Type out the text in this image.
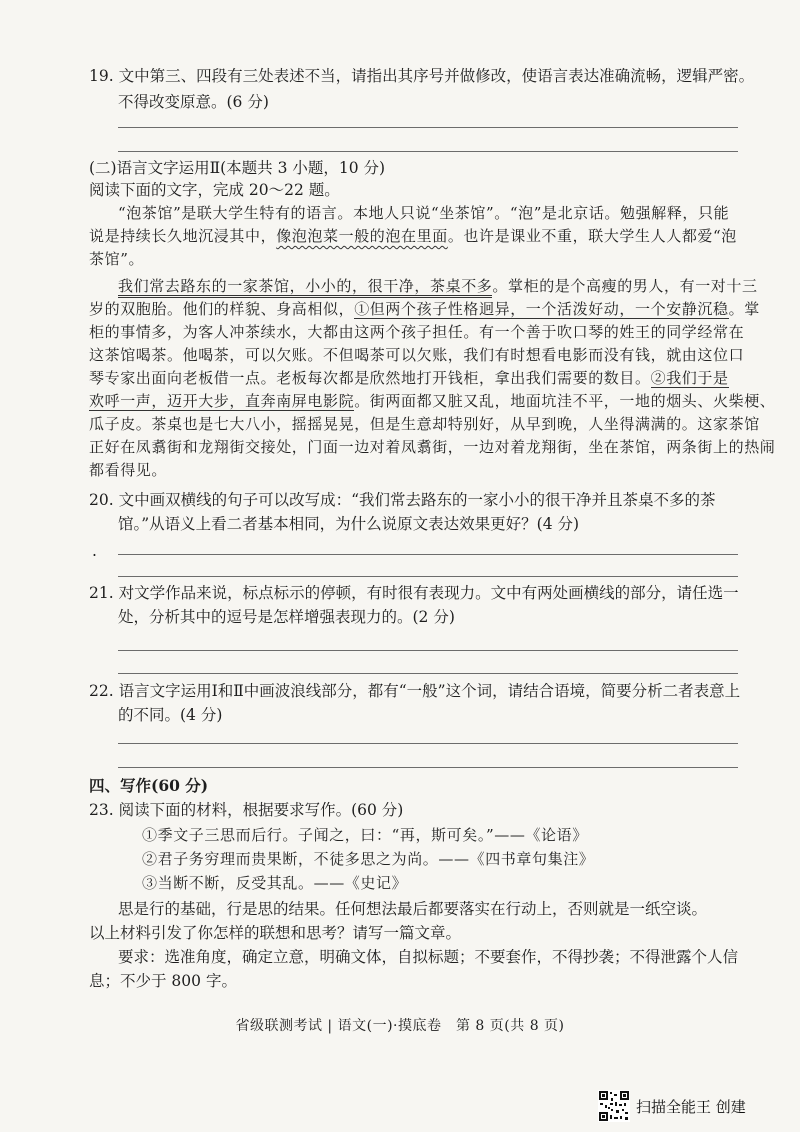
19. 文中第三、四段有三处表述不当，请指出其序号并做修改，使语言表达准确流畅，逻辑严密。
不得改变原意。(6 分)
(二)语言文字运用Ⅱ(本题共 3 小题，10 分)
阅读下面的文字，完成 20～22 题。
“泡茶馆”是联大学生特有的语言。本地人只说“坐茶馆”。“泡”是北京话。勉强解释，只能
说是持续长久地沉浸其中，像泡泡菜一般的泡在里面。也许是课业不重，联大学生人人都爱“泡
茶馆”。
我们常去路东的一家茶馆，小小的，很干净，茶桌不多。掌柜的是个高瘦的男人，有一对十三
岁的双胞胎。他们的样貌、身高相似，①但两个孩子性格迥异，一个活泼好动，一个安静沉稳。掌
柜的事情多，为客人冲茶续水，大都由这两个孩子担任。有一个善于吹口琴的姓王的同学经常在
这茶馆喝茶。他喝茶，可以欠账。不但喝茶可以欠账，我们有时想看电影而没有钱，就由这位口
琴专家出面向老板借一点。老板每次都是欣然地打开钱柜，拿出我们需要的数目。②我们于是
欢呼一声，迈开大步，直奔南屏电影院。街两面都又脏又乱，地面坑洼不平，一地的烟头、火柴梗、
瓜子皮。茶桌也是七大八小，摇摇晃晃，但是生意却特别好，从早到晚，人坐得满满的。这家茶馆
正好在凤翥街和龙翔街交接处，门面一边对着凤翥街，一边对着龙翔街，坐在茶馆，两条街上的热闹
都看得见。
20. 文中画双横线的句子可以改写成：“我们常去路东的一家小小的很干净并且茶桌不多的茶
馆。”从语义上看二者基本相同，为什么说原文表达效果更好？(4 分)
.
21. 对文学作品来说，标点标示的停顿，有时很有表现力。文中有两处画横线的部分，请任选一
处，分析其中的逗号是怎样增强表现力的。(2 分)
22. 语言文字运用Ⅰ和Ⅱ中画波浪线部分，都有“一般”这个词，请结合语境，简要分析二者表意上
的不同。(4 分)
四、写作(60 分)
23. 阅读下面的材料，根据要求写作。(60 分)
①季文子三思而后行。子闻之，曰：“再，斯可矣。”——《论语》
②君子务穷理而贵果断，不徒多思之为尚。——《四书章句集注》
③当断不断，反受其乱。——《史记》
思是行的基础，行是思的结果。任何想法最后都要落实在行动上，否则就是一纸空谈。
以上材料引发了你怎样的联想和思考？请写一篇文章。
要求：选准角度，确定立意，明确文体，自拟标题；不要套作，不得抄袭；不得泄露个人信
息；不少于 800 字。
省级联测考试 | 语文(一)·摸底卷　第 8 页(共 8 页)
扫描全能王 创建
